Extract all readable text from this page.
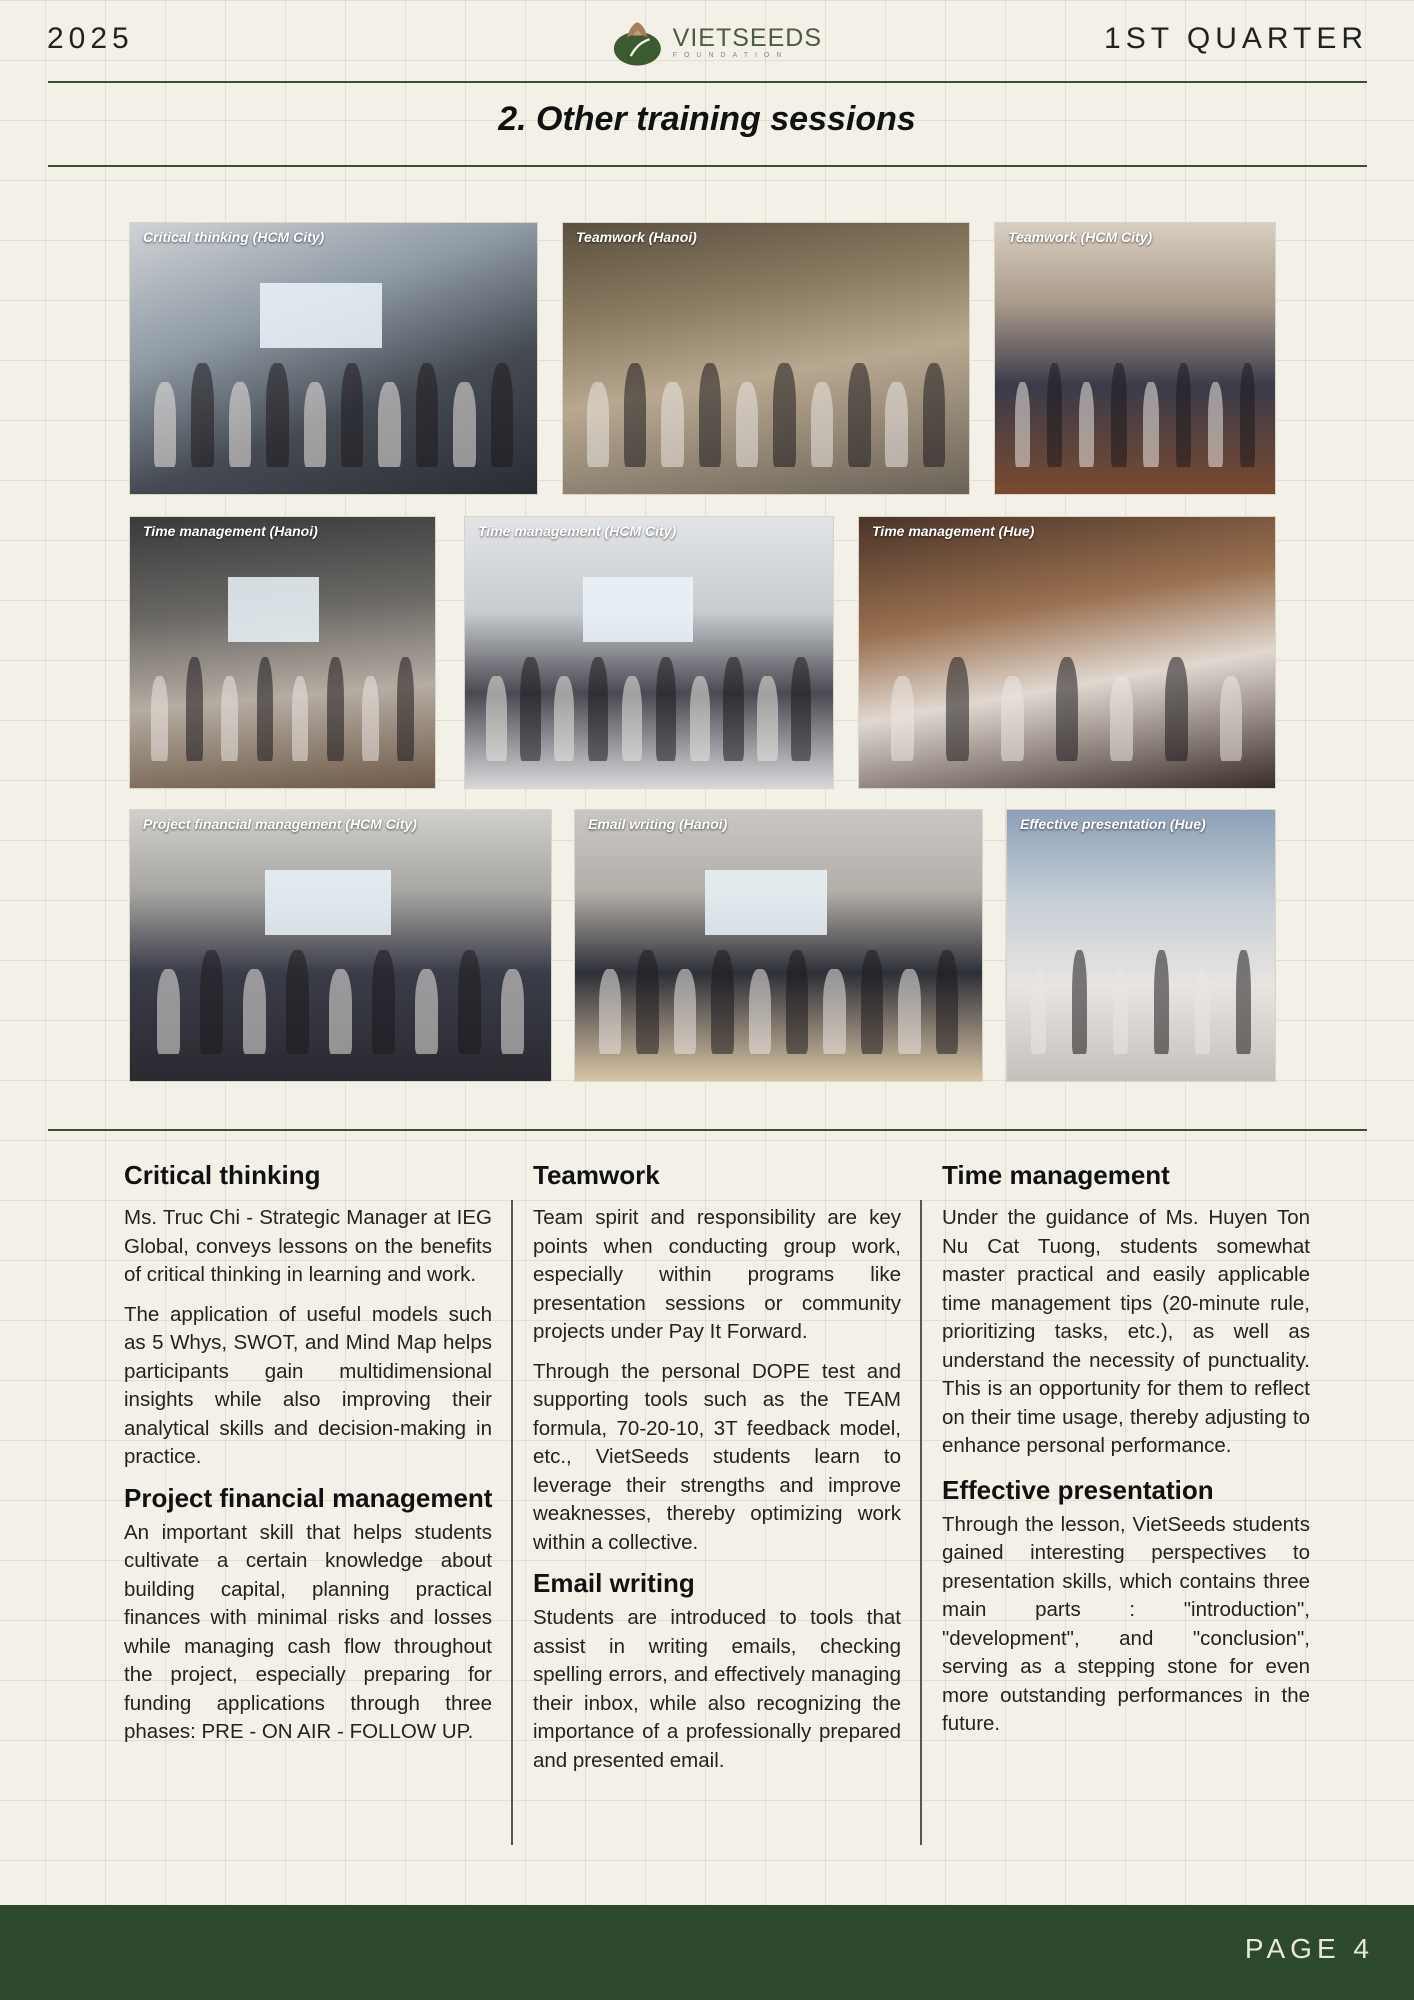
2025	VIETSEEDS
FOUNDATION
1ST QUARTER
2. Other training sessions
Critical thinking (HCM City)	Teamwork (Hanoi)	Teamwork (HCM City)
Time management (Hanoi)	Time management (HCM City)	Time management (Hue)
Project financial management (HCM City)	Email writing (Hanoi)	Effective presentation (Hue)
Critical thinking

Ms. Truc Chi - Strategic Manager at IEG Global, conveys lessons on the benefits of critical thinking in learning and work.

The application of useful models such as 5 Whys, SWOT, and Mind Map helps participants gain multidimensional insights while also improving their analytical skills and decision-making in practice.

Project financial management

An important skill that helps students cultivate a certain knowledge about building capital, planning practical finances with minimal risks and losses while managing cash flow throughout the project, especially preparing for funding applications through three phases: PRE - ON AIR - FOLLOW UP.

Teamwork

Team spirit and responsibility are key points when conducting group work, especially within programs like presentation sessions or community projects under Pay It Forward.

Through the personal DOPE test and supporting tools such as the TEAM formula, 70-20-10, 3T feedback model, etc., VietSeeds students learn to leverage their strengths and improve weaknesses, thereby optimizing work within a collective.

Email writing

Students are introduced to tools that assist in writing emails, checking spelling errors, and effectively managing their inbox, while also recognizing the importance of a professionally prepared and presented email.

Time management

Under the guidance of Ms. Huyen Ton Nu Cat Tuong, students somewhat master practical and easily applicable time management tips (20-minute rule, prioritizing tasks, etc.), as well as understand the necessity of punctuality. This is an opportunity for them to reflect on their time usage, thereby adjusting to enhance personal performance.

Effective presentation

Through the lesson, VietSeeds students gained interesting perspectives to presentation skills, which contains three main parts : "introduction", "development", and "conclusion", serving as a stepping stone for even more outstanding performances in the future.

PAGE 4
